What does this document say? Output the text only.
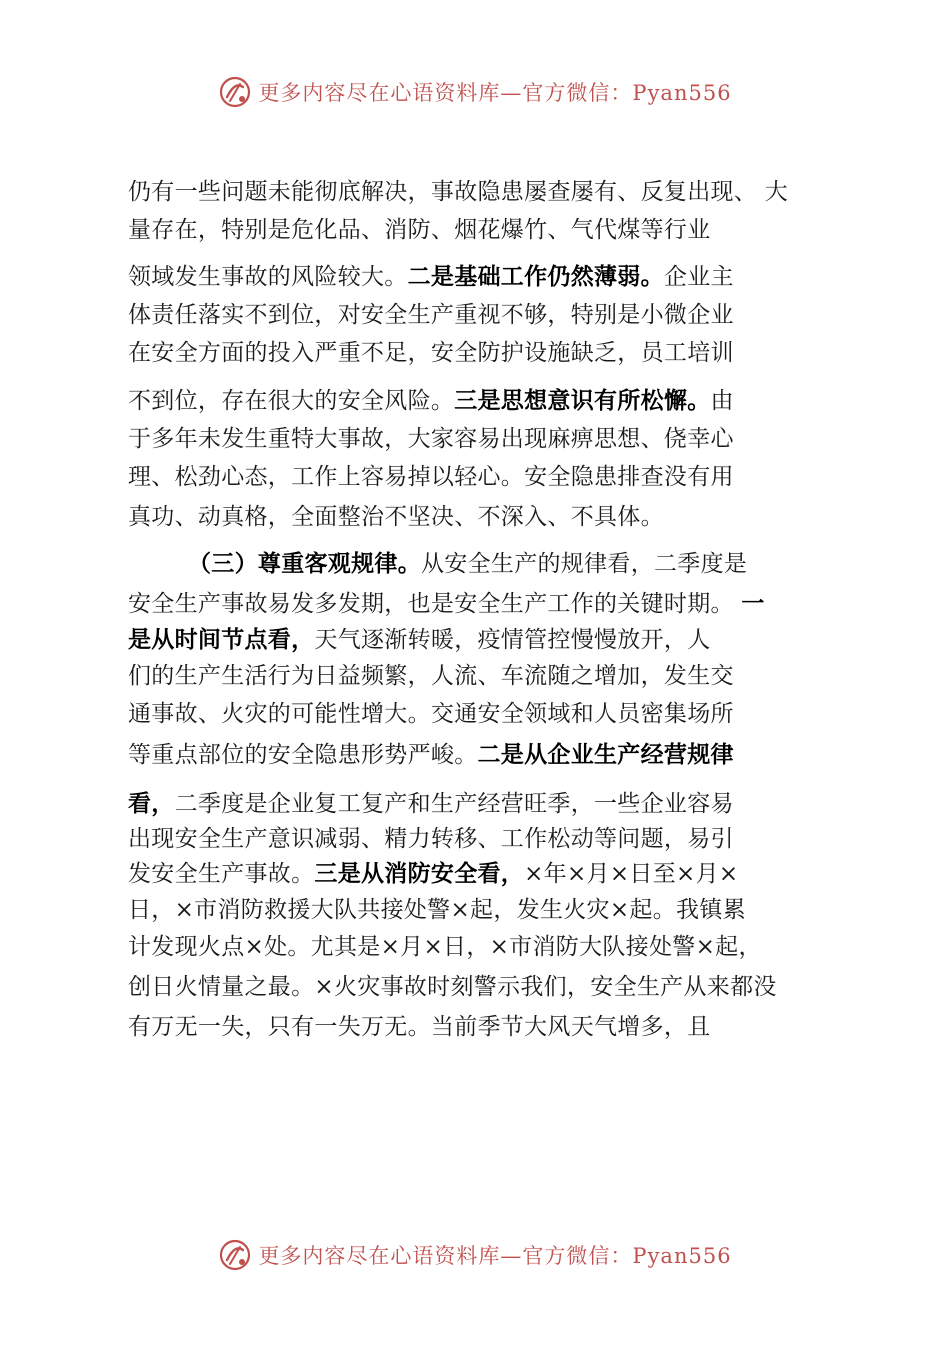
更多内容尽在心语资料库—官方微信：Pyan556
仍有一些问题未能彻底解决，事故隐患屡查屡有、反复出现、 大
量存在，特别是危化品、消防、烟花爆竹、气代煤等行业
领域发生事故的风险较大。二是基础工作仍然薄弱。企业主
体责任落实不到位，对安全生产重视不够，特别是小微企业
在安全方面的投入严重不足，安全防护设施缺乏，员工培训
不到位，存在很大的安全风险。三是思想意识有所松懈。由
于多年未发生重特大事故，大家容易出现麻痹思想、侥幸心
理、松劲心态，工作上容易掉以轻心。安全隐患排查没有用
真功、动真格，全面整治不坚决、不深入、不具体。
（三）尊重客观规律。从安全生产的规律看，二季度是
安全生产事故易发多发期，也是安全生产工作的关键时期。 一
是从时间节点看，天气逐渐转暖，疫情管控慢慢放开，人
们的生产生活行为日益频繁，人流、车流随之增加，发生交
通事故、火灾的可能性增大。交通安全领域和人员密集场所
等重点部位的安全隐患形势严峻。二是从企业生产经营规律
看，二季度是企业复工复产和生产经营旺季，一些企业容易
出现安全生产意识减弱、精力转移、工作松动等问题，易引
发安全生产事故。三是从消防安全看，×年×月×日至×月×
日，×市消防救援大队共接处警×起，发生火灾×起。我镇累
计发现火点×处。尤其是×月×日，×市消防大队接处警×起，
创日火情量之最。×火灾事故时刻警示我们，安全生产从来都没
有万无一失，只有一失万无。当前季节大风天气增多，且
更多内容尽在心语资料库—官方微信：Pyan556
